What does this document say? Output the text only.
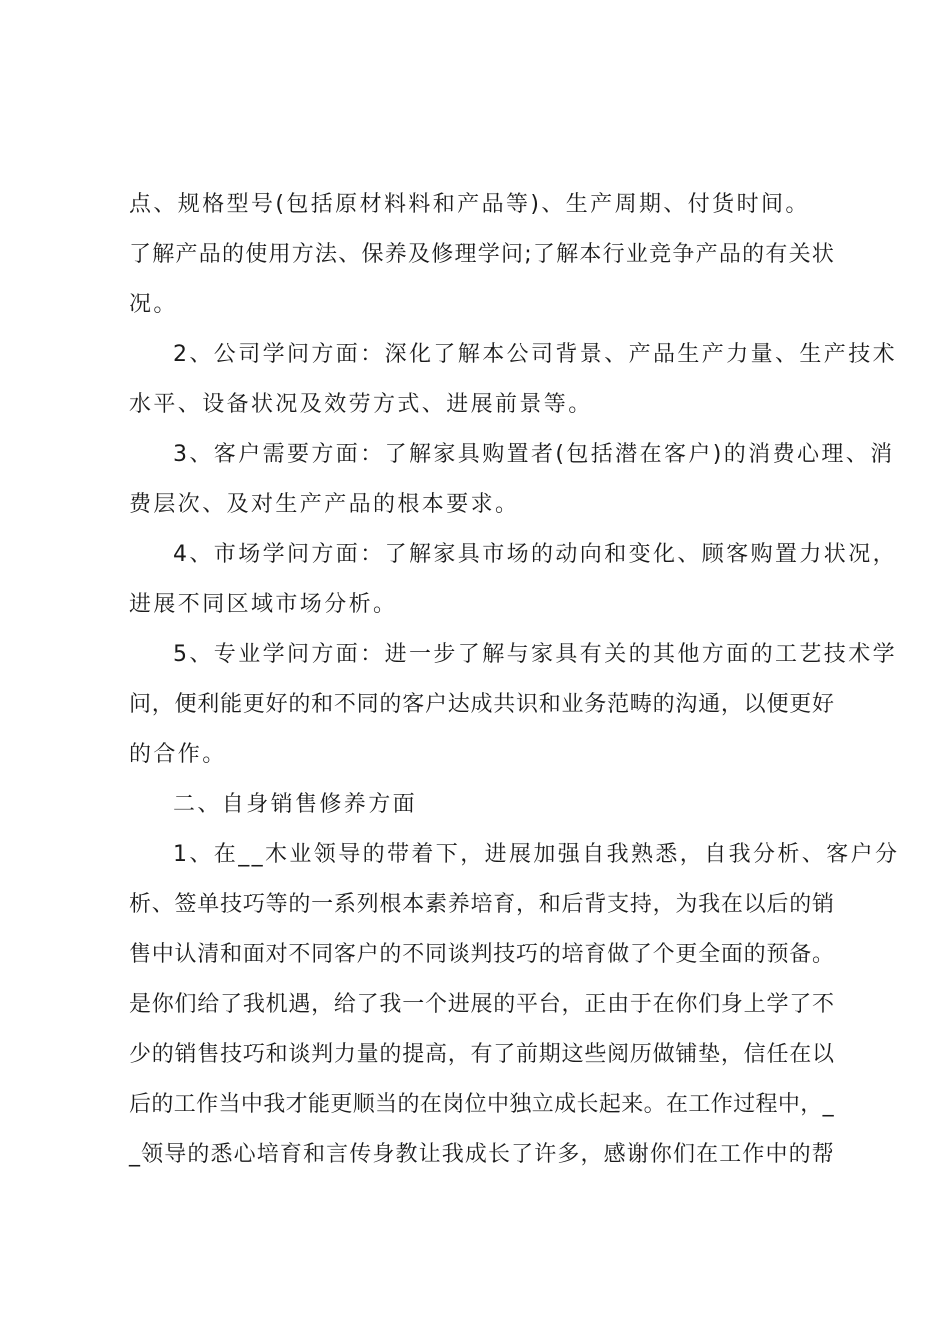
点、规格型号(包括原材料料和产品等)、生产周期、付货时间。
了 解 产 品 的 使 用 方 法 、 保 养 及 修 理 学 问 ; 了 解 本 行 业 竞 争 产 品 的 有 关 状
况。
2、公司学问方面：深化了解本公司背景、产品生产力量、生产技术
水平、设备状况及效劳方式、进展前景等。
3、客户需要方面：了解家具购置者(包括潜在客户)的消费心理、消
费层次、及对生产产品的根本要求。
4、市场学问方面：了解家具市场的动向和变化、顾客购置力状况，
进展不同区域市场分析。
5、专业学问方面：进一步了解与家具有关的其他方面的工艺技术学
问 ， 便 利 能 更 好 的 和 不 同 的 客 户 达 成 共 识 和 业 务 范 畴 的 沟 通 ， 以 便 更 好
的合作。
二、自身销售修养方面
1、在__木业领导的带着下，进展加强自我熟悉，自我分析、客户分
析 、 签 单 技 巧 等 的 一 系 列 根 本 素 养 培 育 ， 和 后 背 支 持 ， 为 我 在 以 后 的 销
售 中 认 清 和 面 对 不 同 客 户 的 不 同 谈 判 技 巧 的 培 育 做 了 个 更 全 面 的 预 备 。
是 你 们 给 了 我 机 遇 ， 给 了 我 一 个 进 展 的 平 台 ， 正 由 于 在 你 们 身 上 学 了 不
少 的 销 售 技 巧 和 谈 判 力 量 的 提 高 ， 有 了 前 期 这 些 阅 历 做 铺 垫 ， 信 任 在 以
后 的 工 作 当 中 我 才 能 更 顺 当 的 在 岗 位 中 独 立 成 长 起 来 。 在 工 作 过 程 中 ， _
_ 领 导 的 悉 心 培 育 和 言 传 身 教 让 我 成 长 了 许 多 ， 感 谢 你 们 在 工 作 中 的 帮
